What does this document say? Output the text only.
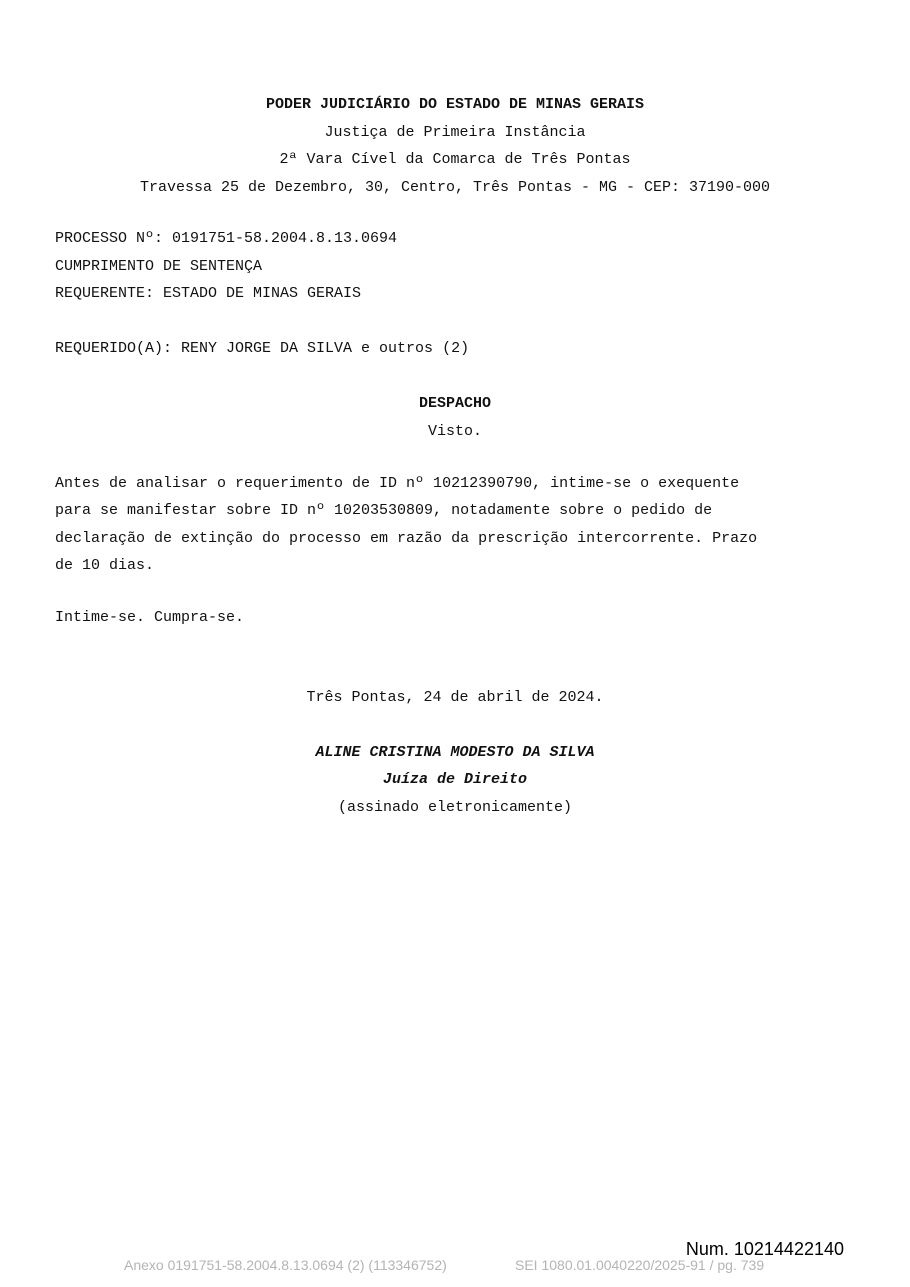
PODER JUDICIÁRIO DO ESTADO DE MINAS GERAIS
Justiça de Primeira Instância
2ª Vara Cível da Comarca de Três Pontas
Travessa 25 de Dezembro, 30, Centro, Três Pontas - MG - CEP: 37190-000
PROCESSO Nº: 0191751-58.2004.8.13.0694
CUMPRIMENTO DE SENTENÇA
REQUERENTE: ESTADO DE MINAS GERAIS
REQUERIDO(A): RENY JORGE DA SILVA e outros (2)
DESPACHO
Visto.
Antes de analisar o requerimento de ID nº 10212390790, intime-se o exequente
para se manifestar sobre ID nº 10203530809, notadamente sobre o pedido de
declaração de extinção do processo em razão da prescrição intercorrente. Prazo
de 10 dias.
Intime-se. Cumpra-se.
Três Pontas, 24 de abril de 2024.
ALINE CRISTINA MODESTO DA SILVA
Juíza de Direito
(assinado eletronicamente)
Num. 10214422140
Anexo 0191751-58.2004.8.13.0694 (2) (113346752)	SEI 1080.01.0040220/2025-91 / pg. 739
